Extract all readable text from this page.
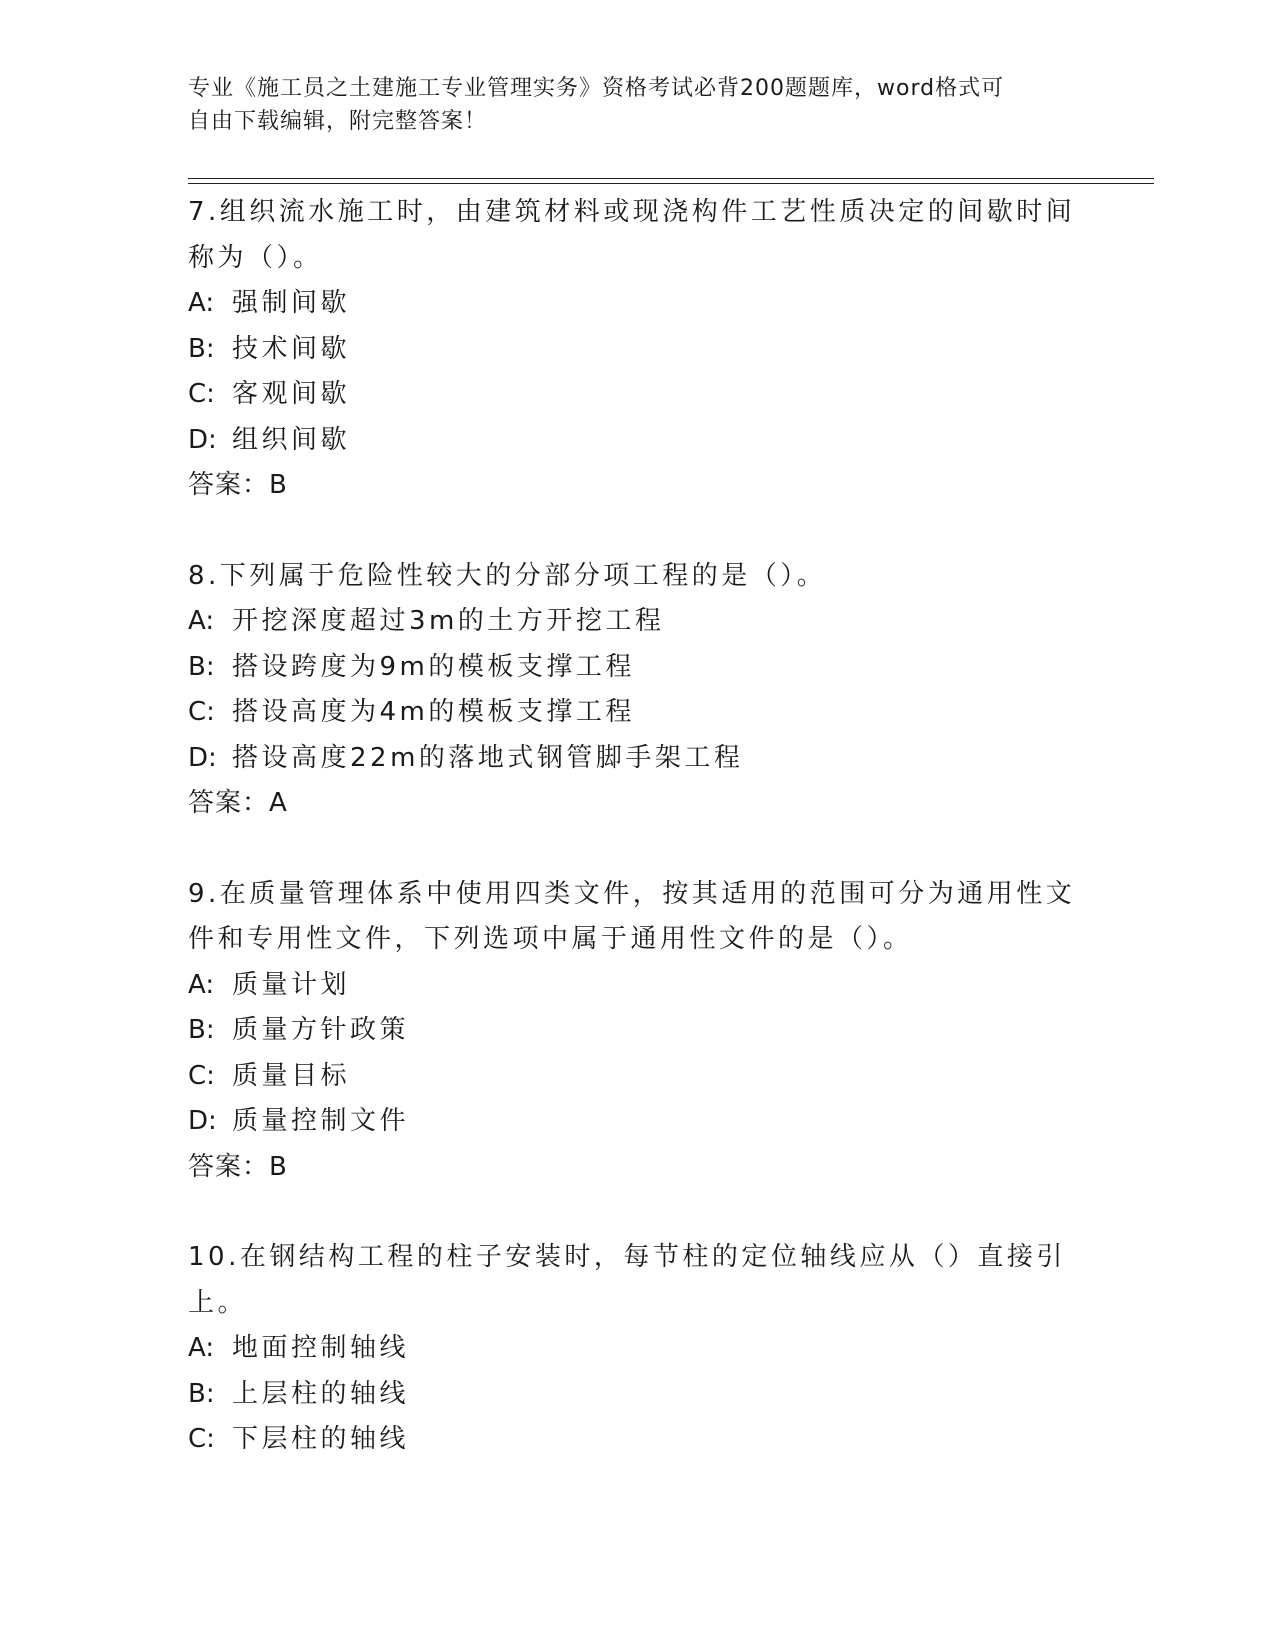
专业《施工员之土建施工专业管理实务》资格考试必背200题题库，word格式可
自由下载编辑，附完整答案！

7.组织流水施工时，由建筑材料或现浇构件工艺性质决定的间歇时间称为（）。

A: 强制间歇

B: 技术间歇

C: 客观间歇

D: 组织间歇

答案：B

8.下列属于危险性较大的分部分项工程的是（）。

A: 开挖深度超过3m的土方开挖工程

B: 搭设跨度为9m的模板支撑工程

C: 搭设高度为4m的模板支撑工程

D: 搭设高度22m的落地式钢管脚手架工程

答案：A

9.在质量管理体系中使用四类文件，按其适用的范围可分为通用性文件和专用性文件，下列选项中属于通用性文件的是（）。

A: 质量计划

B: 质量方针政策

C: 质量目标

D: 质量控制文件

答案：B

10.在钢结构工程的柱子安装时，每节柱的定位轴线应从（）直接引上。

A: 地面控制轴线

B: 上层柱的轴线

C: 下层柱的轴线
